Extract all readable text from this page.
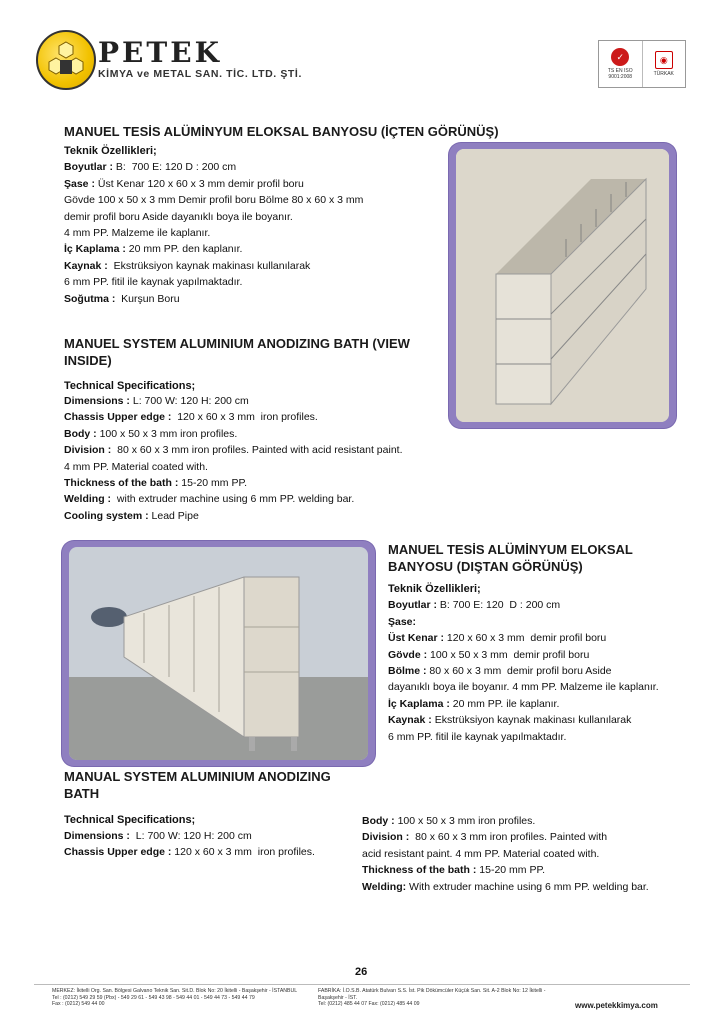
PETEK
KİMYA ve METAL SAN. TİC. LTD. ŞTİ.
✓
TS EN ISO 9001:2008
◉
TÜRKAK
MANUEL TESİS ALÜMİNYUM ELOKSAL BANYOSU (İÇTEN GÖRÜNÜŞ)
Teknik Özellikleri;
Boyutlar : B:  700 E: 120 D : 200 cm
Şase : Üst Kenar 120 x 60 x 3 mm demir profil boru
Gövde 100 x 50 x 3 mm Demir profil boru Bölme 80 x 60 x 3 mm
demir profil boru Aside dayanıklı boya ile boyanır.
4 mm PP. Malzeme ile kaplanır.
İç Kaplama : 20 mm PP. den kaplanır.
Kaynak :  Ekstrüksiyon kaynak makinası kullanılarak
6 mm PP. fitil ile kaynak yapılmaktadır.
Soğutma :  Kurşun Boru
MANUEL SYSTEM ALUMINIUM ANODIZING BATH (VIEW INSIDE)
Technical Specifications;
Dimensions : L: 700 W: 120 H: 200 cm
Chassis Upper edge :  120 x 60 x 3 mm  iron profiles.
Body : 100 x 50 x 3 mm iron profiles.
Division :  80 x 60 x 3 mm iron profiles. Painted with acid resistant paint.
4 mm PP. Material coated with.
Thickness of the bath : 15-20 mm PP.
Welding :  with extruder machine using 6 mm PP. welding bar.
Cooling system : Lead Pipe
MANUEL TESİS ALÜMİNYUM ELOKSAL BANYOSU (DIŞTAN GÖRÜNÜŞ)
Teknik Özellikleri;
Boyutlar : B: 700 E: 120  D : 200 cm
Şase:
Üst Kenar : 120 x 60 x 3 mm  demir profil boru
Gövde : 100 x 50 x 3 mm  demir profil boru
Bölme : 80 x 60 x 3 mm  demir profil boru Aside
dayanıklı boya ile boyanır. 4 mm PP. Malzeme ile kaplanır.
İç Kaplama : 20 mm PP. ile kaplanır.
Kaynak : Ekstrüksiyon kaynak makinası kullanılarak
6 mm PP. fitil ile kaynak yapılmaktadır.
MANUAL SYSTEM ALUMINIUM ANODIZING BATH
Technical Specifications;
Dimensions :  L: 700 W: 120 H: 200 cm
Chassis Upper edge : 120 x 60 x 3 mm  iron profiles.
Body : 100 x 50 x 3 mm iron profiles.
Division :  80 x 60 x 3 mm iron profiles. Painted with
acid resistant paint. 4 mm PP. Material coated with.
Thickness of the bath : 15-20 mm PP.
Welding: With extruder machine using 6 mm PP. welding bar.
26
MERKEZ: İkitelli Org. San. Bölgesi Galvano Teknik San. Sit.D. Blok No: 20 İkitelli - Başakşehir - İSTANBUL
Tel : (0212) 549 29 59 (Pbx) - 549 29 61 - 549 43 98 - 549 44 01 - 549 44 73 - 549 44 79
Fax : (0212) 549 44 00
FABRİKA: İ.O.S.B. Atatürk Bulvarı S.S. İst. Pik Dökümcüler Küçük San. Sit. A-2 Blok No: 12 İkitelli - Başakşehir - İST.
Tel: (0212) 485 44 07 Fax: (0212) 485 44 09	www.petekkimya.com
